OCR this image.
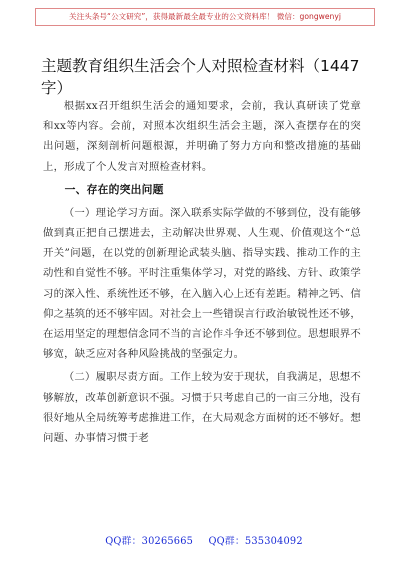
关注头条号“公文研究”，获得最新最全最专业的公文资料库！ 微信：gongwenyj
主题教育组织生活会个人对照检查材料（1447字）

根据xx召开组织生活会的通知要求，会前，我认真研读了党章和xx等内容。会前，对照本次组织生活会主题，深入查摆存在的突出问题，深刻剖析问题根源，并明确了努力方向和整改措施的基础上，形成了个人发言对照检查材料。

一、存在的突出问题

（一）理论学习方面。深入联系实际学做的不够到位，没有能够做到真正把自己摆进去，主动解决世界观、人生观、价值观这个“总开关”问题，在以党的创新理论武装头脑、指导实践、推动工作的主动性和自觉性不够。平时注重集体学习，对党的路线、方针、政策学习的深入性、系统性还不够，在入脑入心上还有差距。精神之钙、信仰之基筑的还不够牢固。对社会上一些错误言行政治敏锐性还不够，在运用坚定的理想信念同不当的言论作斗争还不够到位。思想眼界不够宽，缺乏应对各种风险挑战的坚强定力。

（二）履职尽责方面。工作上较为安于现状，自我满足，思想不够解放，改革创新意识不强。习惯于只考虑自己的一亩三分地，没有很好地从全局统筹考虑推进工作，在大局观念方面树的还不够好。想问题、办事情习惯于老

QQ群：30265665 QQ群：535304092
